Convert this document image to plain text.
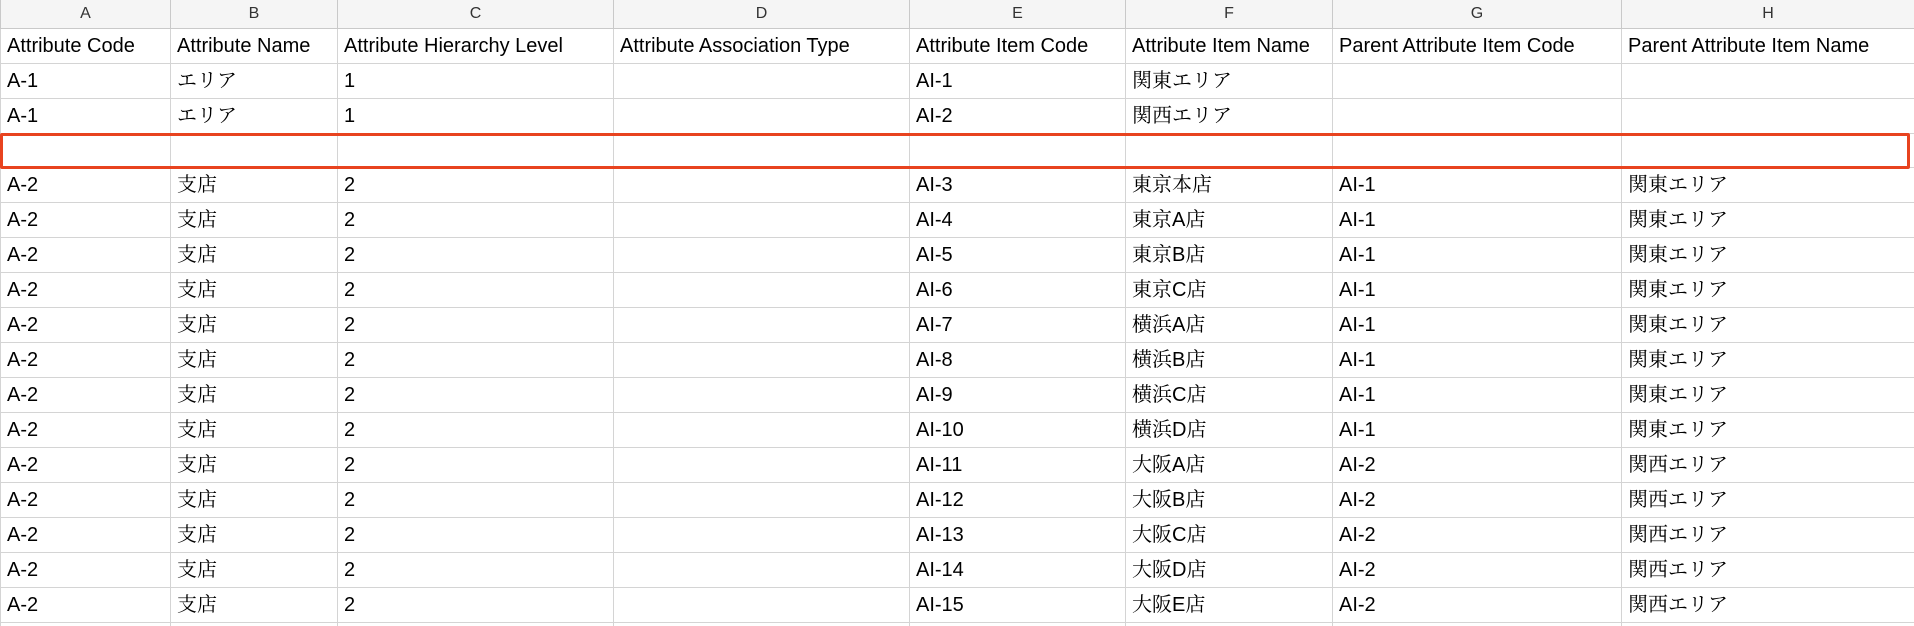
A	B	C	D	E	F	G	H
Attribute Code	Attribute Name	Attribute Hierarchy Level	Attribute Association Type	Attribute Item Code	Attribute Item Name	Parent Attribute Item Code	Parent Attribute Item Name
A-1	エリア	1		AI-1	関東エリア		
A-1	エリア	1		AI-2	関西エリア		

A-2	支店	2		AI-3	東京本店	AI-1	関東エリア
A-2	支店	2		AI-4	東京A店	AI-1	関東エリア
A-2	支店	2		AI-5	東京B店	AI-1	関東エリア
A-2	支店	2		AI-6	東京C店	AI-1	関東エリア
A-2	支店	2		AI-7	横浜A店	AI-1	関東エリア
A-2	支店	2		AI-8	横浜B店	AI-1	関東エリア
A-2	支店	2		AI-9	横浜C店	AI-1	関東エリア
A-2	支店	2		AI-10	横浜D店	AI-1	関東エリア
A-2	支店	2		AI-11	大阪A店	AI-2	関西エリア
A-2	支店	2		AI-12	大阪B店	AI-2	関西エリア
A-2	支店	2		AI-13	大阪C店	AI-2	関西エリア
A-2	支店	2		AI-14	大阪D店	AI-2	関西エリア
A-2	支店	2		AI-15	大阪E店	AI-2	関西エリア
